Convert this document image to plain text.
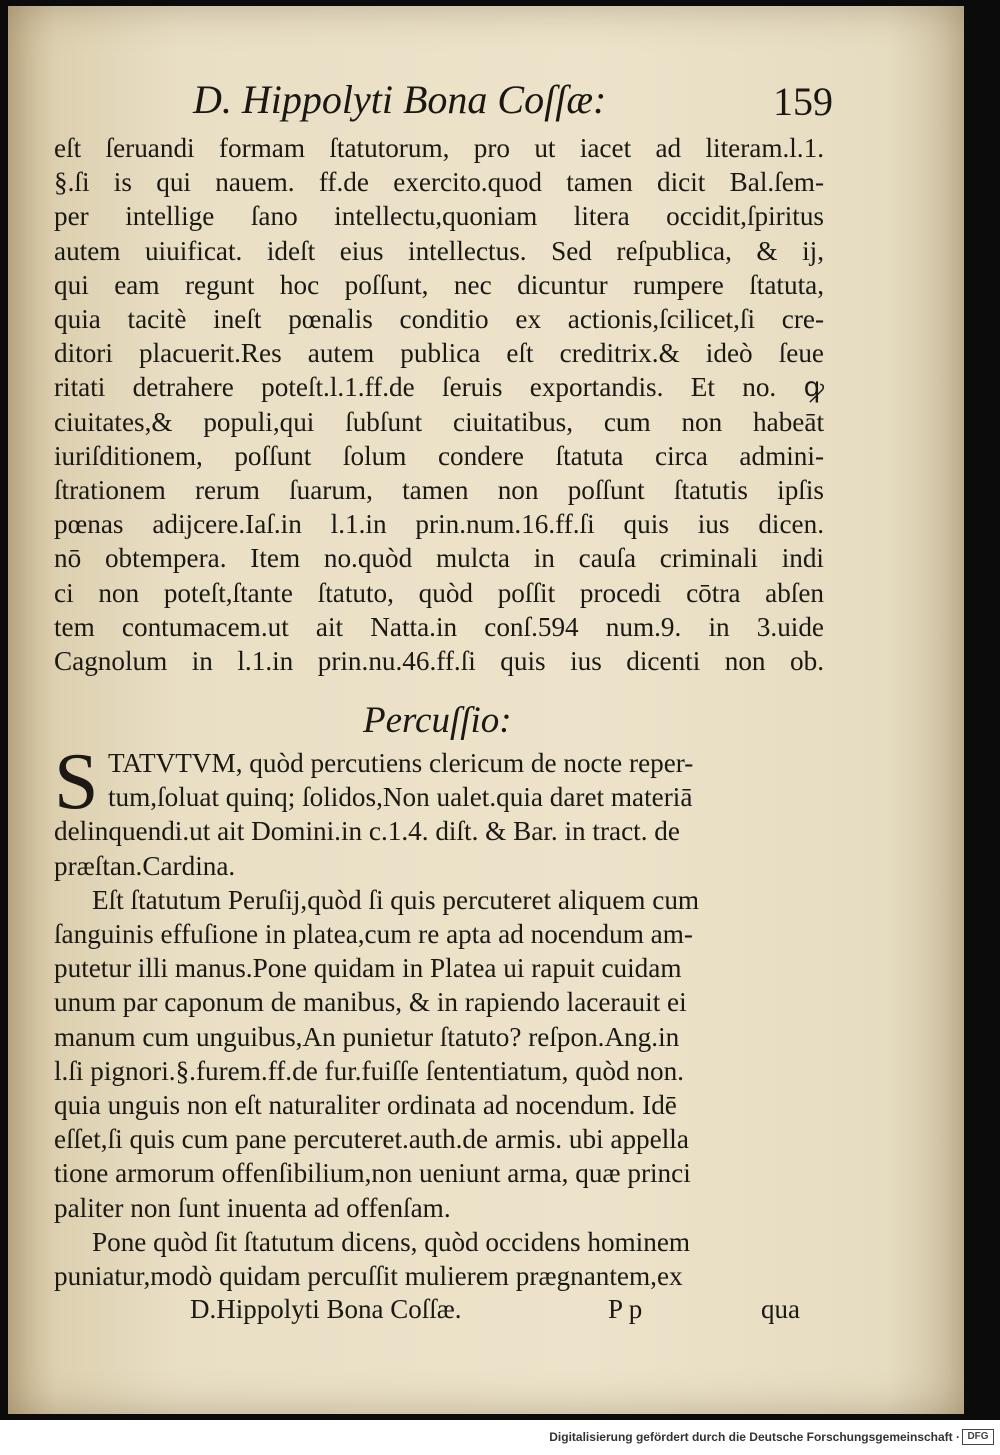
D. Hippolyti Bona Coſſæ:	159
eſt ſeruandi formam ſtatutorum, pro ut iacet ad literam.l.1.
§.ſi is qui nauem. ff.de exercito.quod tamen dicit Bal.ſem-
per intellige ſano intellectu,quoniam litera occidit,ſpiritus
autem uiuificat. ideſt eius intellectus. Sed reſpublica, & ij,
qui eam regunt hoc poſſunt, nec dicuntur rumpere ſtatuta,
quia tacitè ineſt pœnalis conditio ex actionis,ſcilicet,ſi cre-
ditori placuerit.Res autem publica eſt creditrix.& ideò ſeue
ritati detrahere poteſt.l.1.ff.de ſeruis exportandis. Et no. ꝙ
ciuitates,& populi,qui ſubſunt ciuitatibus, cum non habeāt
iuriſditionem, poſſunt ſolum condere ſtatuta circa admini-
ſtrationem rerum ſuarum, tamen non poſſunt ſtatutis ipſis
pœnas adijcere.Iaſ.in l.1.in prin.num.16.ff.ſi quis ius dicen.
nō obtempera. Item no.quòd mulcta in cauſa criminali indi
ci non poteſt,ſtante ſtatuto, quòd poſſit procedi cōtra abſen
tem contumacem.ut ait Natta.in conſ.594 num.9. in 3.uide
Cagnolum in l.1.in prin.nu.46.ff.ſi quis ius dicenti non ob.
Percuſſio:
S TATVTVM, quòd percutiens clericum de nocte reper-
tum,ſoluat quinq; ſolidos,Non ualet.quia daret materiā
delinquendi.ut ait Domini.in c.1.4. diſt. & Bar. in tract. de
præſtan.Cardina.
Eſt ſtatutum Peruſij,quòd ſi quis percuteret aliquem cum
ſanguinis effuſione in platea,cum re apta ad nocendum am-
putetur illi manus.Pone quidam in Platea ui rapuit cuidam
unum par caponum de manibus, & in rapiendo lacerauit ei
manum cum unguibus,An punietur ſtatuto? reſpon.Ang.in
l.ſi pignori.§.furem.ff.de fur.fuiſſe ſententiatum, quòd non.
quia unguis non eſt naturaliter ordinata ad nocendum. Idē
eſſet,ſi quis cum pane percuteret.auth.de armis. ubi appella
tione armorum offenſibilium,non ueniunt arma, quæ princi
paliter non ſunt inuenta ad offenſam.
Pone quòd ſit ſtatutum dicens, quòd occidens hominem
puniatur,modò quidam percuſſit mulierem prægnantem,ex
D.Hippolyti Bona Coſſæ.	P p	qua
Digitalisierung gefördert durch die Deutsche Forschungsgemeinschaft · DFG
